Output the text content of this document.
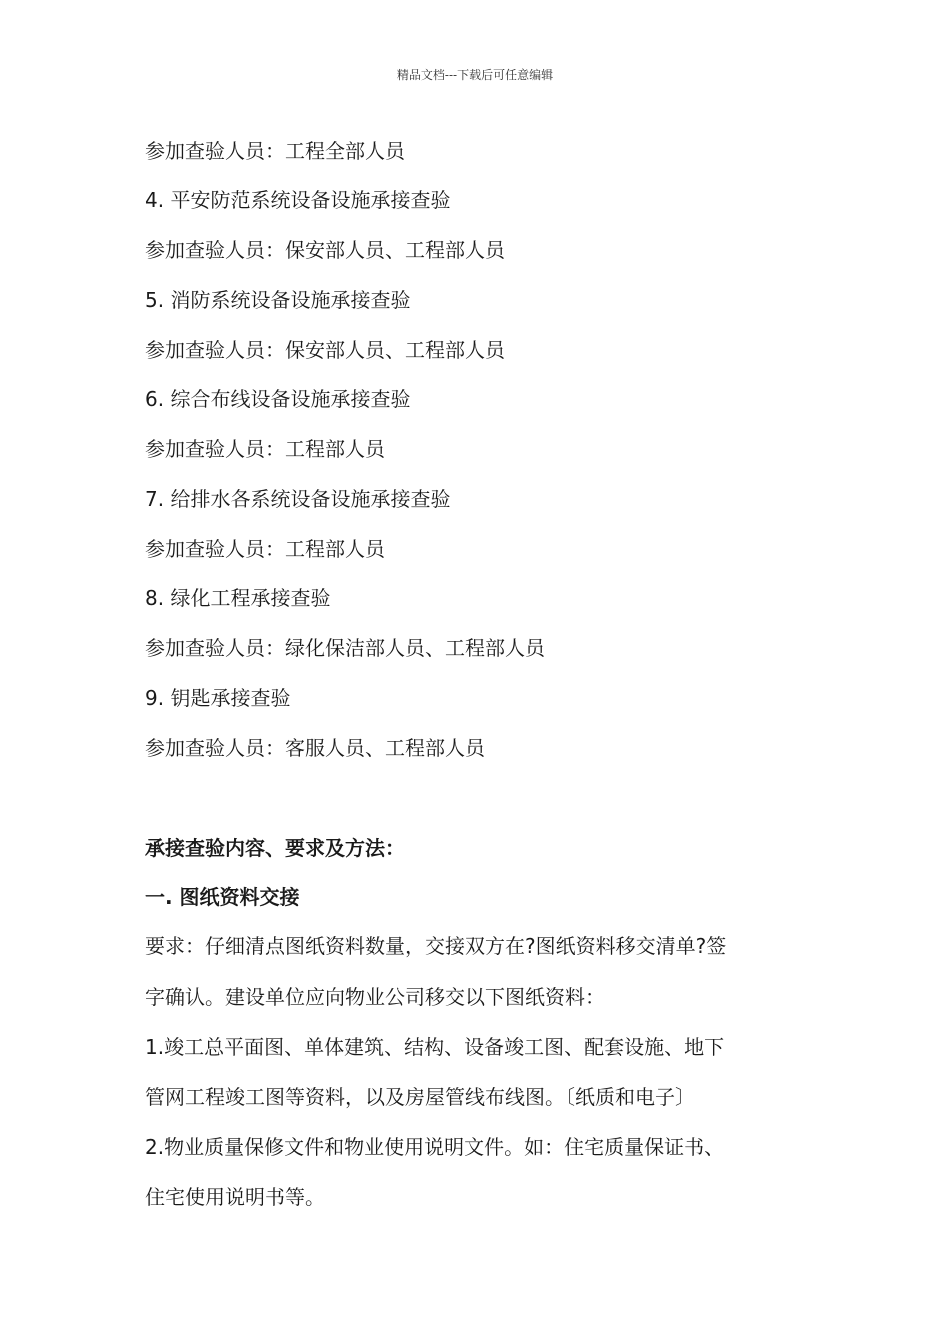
精品文档---下载后可任意编辑
参加查验人员：工程全部人员
4. 平安防范系统设备设施承接查验
参加查验人员：保安部人员、工程部人员
5. 消防系统设备设施承接查验
参加查验人员：保安部人员、工程部人员
6. 综合布线设备设施承接查验
参加查验人员：工程部人员
7. 给排水各系统设备设施承接查验
参加查验人员：工程部人员
8. 绿化工程承接查验
参加查验人员：绿化保洁部人员、工程部人员
9. 钥匙承接查验
参加查验人员：客服人员、工程部人员
承接查验内容、要求及方法：
一. 图纸资料交接
要求：仔细清点图纸资料数量，交接双方在?图纸资料移交清单?签
字确认。建设单位应向物业公司移交以下图纸资料：
1.竣工总平面图、单体建筑、结构、设备竣工图、配套设施、地下
管网工程竣工图等资料，以及房屋管线布线图。〔纸质和电子〕
2.物业质量保修文件和物业使用说明文件。如：住宅质量保证书、
住宅使用说明书等。
